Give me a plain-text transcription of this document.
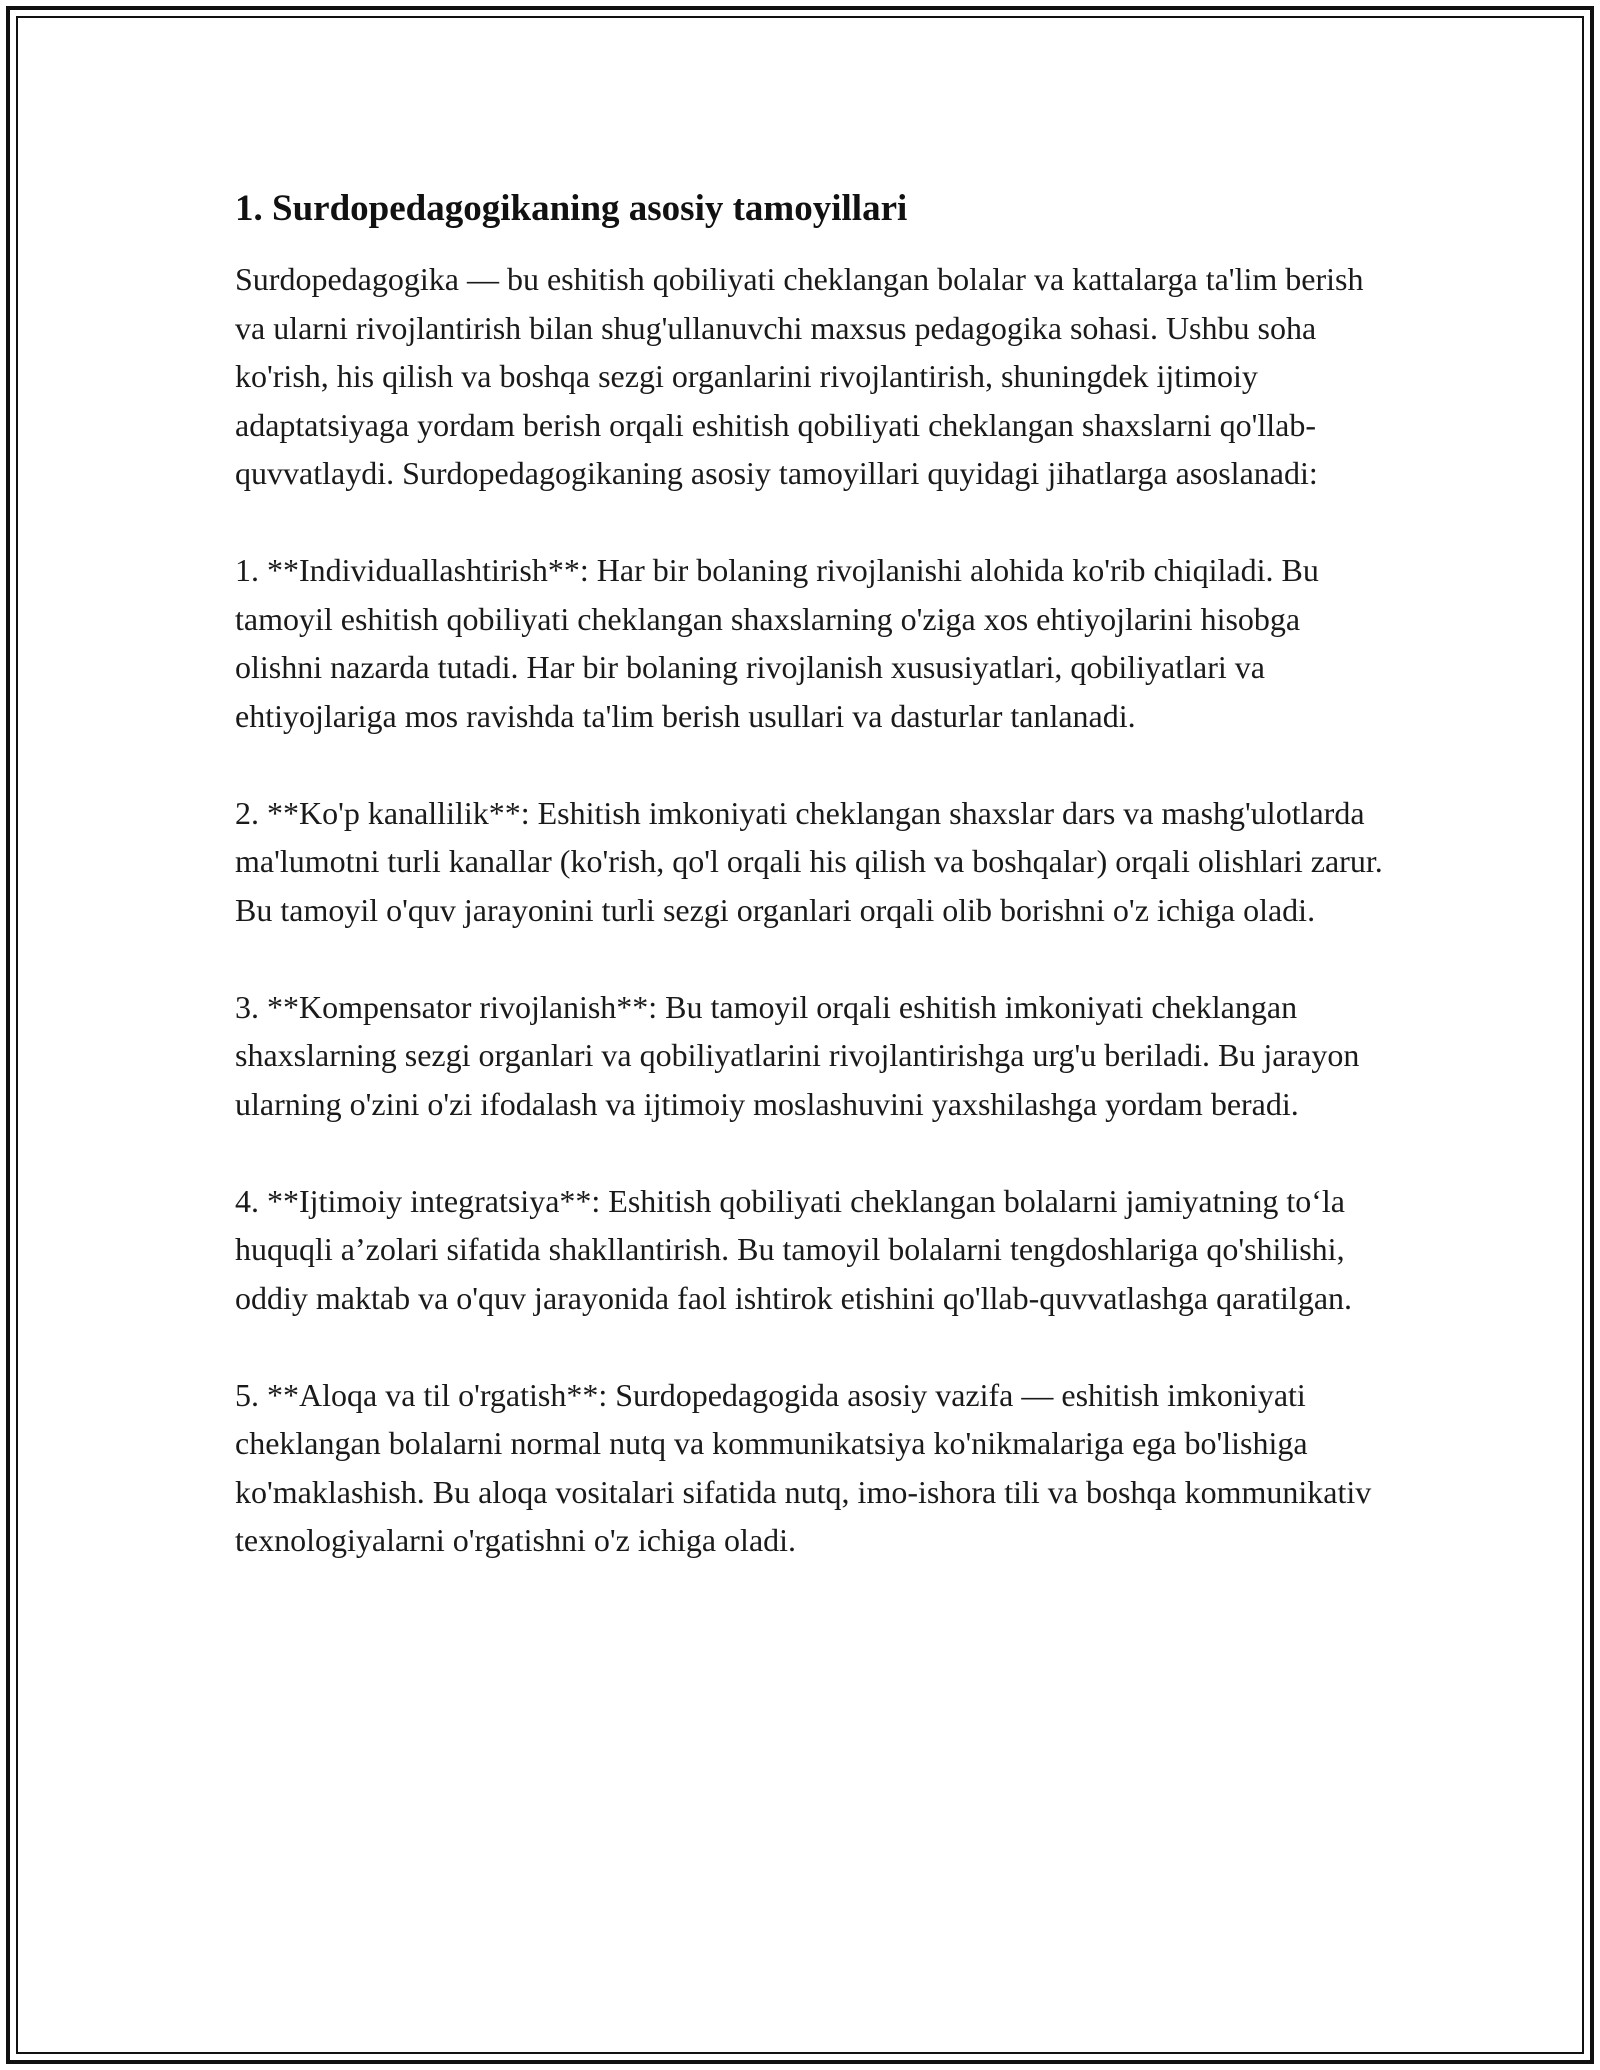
1. Surdopedagogikaning asosiy tamoyillari

Surdopedagogika — bu eshitish qobiliyati cheklangan bolalar va kattalarga ta'lim berish va ularni rivojlantirish bilan shug'ullanuvchi maxsus pedagogika sohasi. Ushbu soha ko'rish, his qilish va boshqa sezgi organlarini rivojlantirish, shuningdek ijtimoiy adaptatsiyaga yordam berish orqali eshitish qobiliyati cheklangan shaxslarni qo'llab-quvvatlaydi. Surdopedagogikaning asosiy tamoyillari quyidagi jihatlarga asoslanadi:

1. **Individuallashtirish**: Har bir bolaning rivojlanishi alohida ko'rib chiqiladi. Bu tamoyil eshitish qobiliyati cheklangan shaxslarning o'ziga xos ehtiyojlarini hisobga olishni nazarda tutadi. Har bir bolaning rivojlanish xususiyatlari, qobiliyatlari va ehtiyojlariga mos ravishda ta'lim berish usullari va dasturlar tanlanadi.

2. **Ko'p kanallilik**: Eshitish imkoniyati cheklangan shaxslar dars va mashg'ulotlarda ma'lumotni turli kanallar (ko'rish, qo'l orqali his qilish va boshqalar) orqali olishlari zarur. Bu tamoyil o'quv jarayonini turli sezgi organlari orqali olib borishni o'z ichiga oladi.

3. **Kompensator rivojlanish**: Bu tamoyil orqali eshitish imkoniyati cheklangan shaxslarning sezgi organlari va qobiliyatlarini rivojlantirishga urg'u beriladi. Bu jarayon ularning o'zini o'zi ifodalash va ijtimoiy moslashuvini yaxshilashga yordam beradi.

4. **Ijtimoiy integratsiya**: Eshitish qobiliyati cheklangan bolalarni jamiyatning to‘la huquqli a’zolari sifatida shakllantirish. Bu tamoyil bolalarni tengdoshlariga qo'shilishi, oddiy maktab va o'quv jarayonida faol ishtirok etishini qo'llab-quvvatlashga qaratilgan.

5. **Aloqa va til o'rgatish**: Surdopedagogida asosiy vazifa — eshitish imkoniyati cheklangan bolalarni normal nutq va kommunikatsiya ko'nikmalariga ega bo'lishiga ko'maklashish. Bu aloqa vositalari sifatida nutq, imo-ishora tili va boshqa kommunikativ texnologiyalarni o'rgatishni o'z ichiga oladi.
